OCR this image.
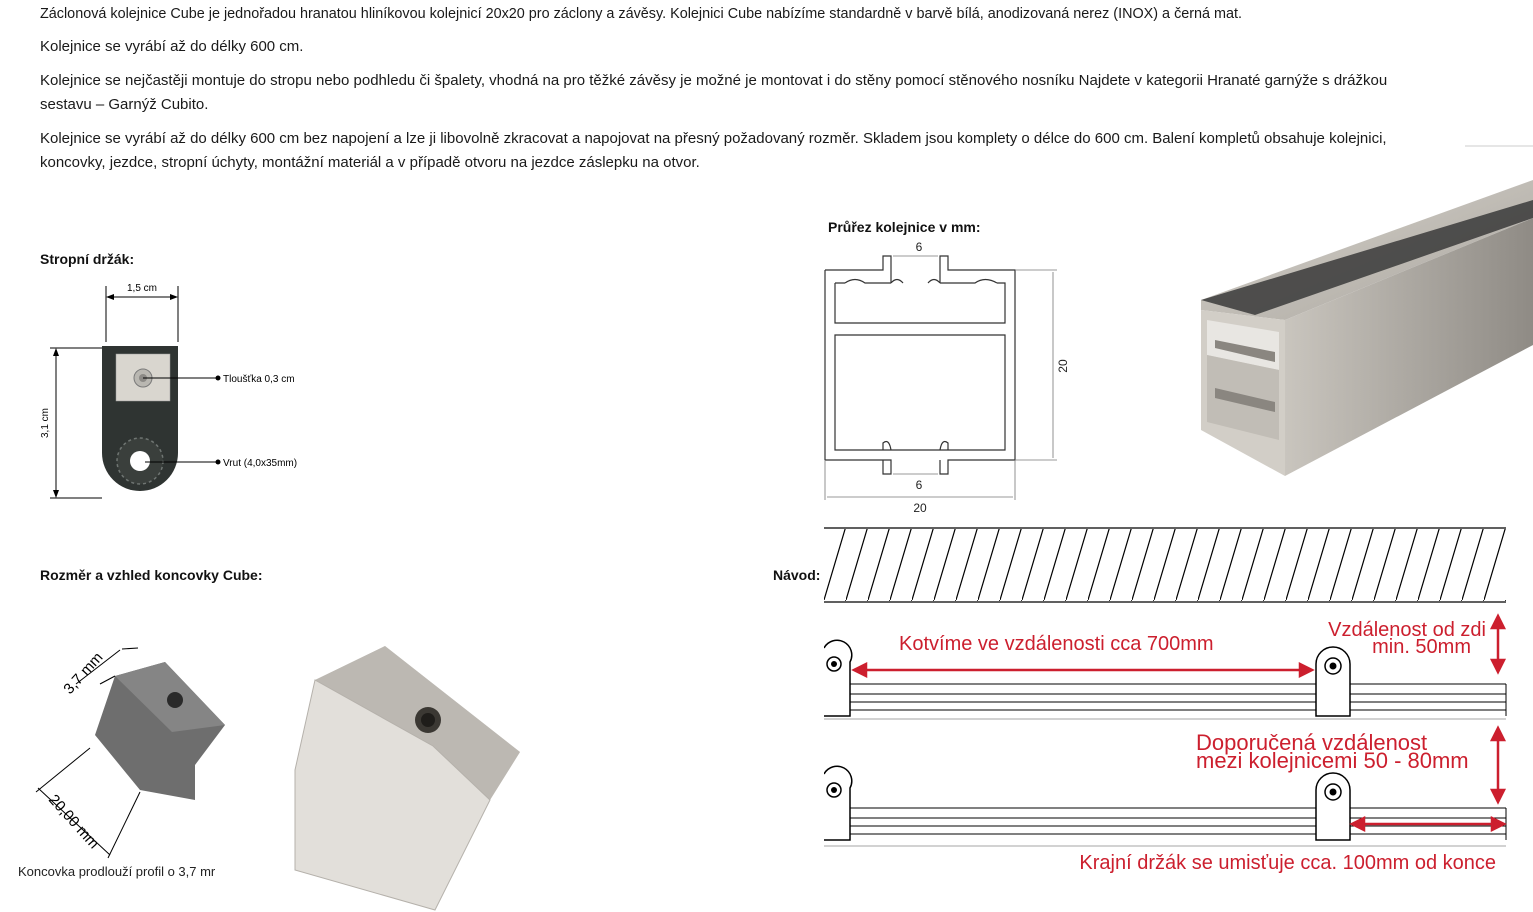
Záclonová kolejnice Cube je jednořadou hranatou hliníkovou kolejnicí 20x20 pro záclony a závěsy. Kolejnici Cube nabízíme standardně v barvě bílá, anodizovaná nerez (INOX) a černá mat.

Kolejnice se vyrábí až do délky 600 cm.

Kolejnice se nejčastěji montuje do stropu nebo podhledu či špalety, vhodná na pro těžké závěsy je možné je montovat i do stěny pomocí stěnového nosníku Najdete v kategorii Hranaté garnýže s drážkou sestavu – Garnýž Cubito.

Kolejnice se vyrábí až do délky 600 cm bez napojení a lze ji libovolně zkracovat a napojovat na přesný požadovaný rozměr. Skladem jsou komplety o délce do 600 cm. Balení kompletů obsahuje kolejnici, koncovky, jezdce, stropní úchyty, montážní materiál a v případě otvoru na jezdce záslepku na otvor.

Stropní držák:
Průřez kolejnice v mm:
Rozměr a vzhled koncovky Cube:	Návod:
1,5 cm
3,1 cm
Tloušťka 0,3 cm
Vrut (4,0x35mm)
6
6
20
20
3,7 mm
20,00 mm
Koncovka prodlouží profil o 3,7 mr
Kotvíme ve vzdálenosti cca 700mm
Vzdálenost od zdi
min. 50mm
Doporučená vzdálenost
mezi kolejnicemi 50 - 80mm
Krajní držák se umisťuje cca. 100mm od konce
